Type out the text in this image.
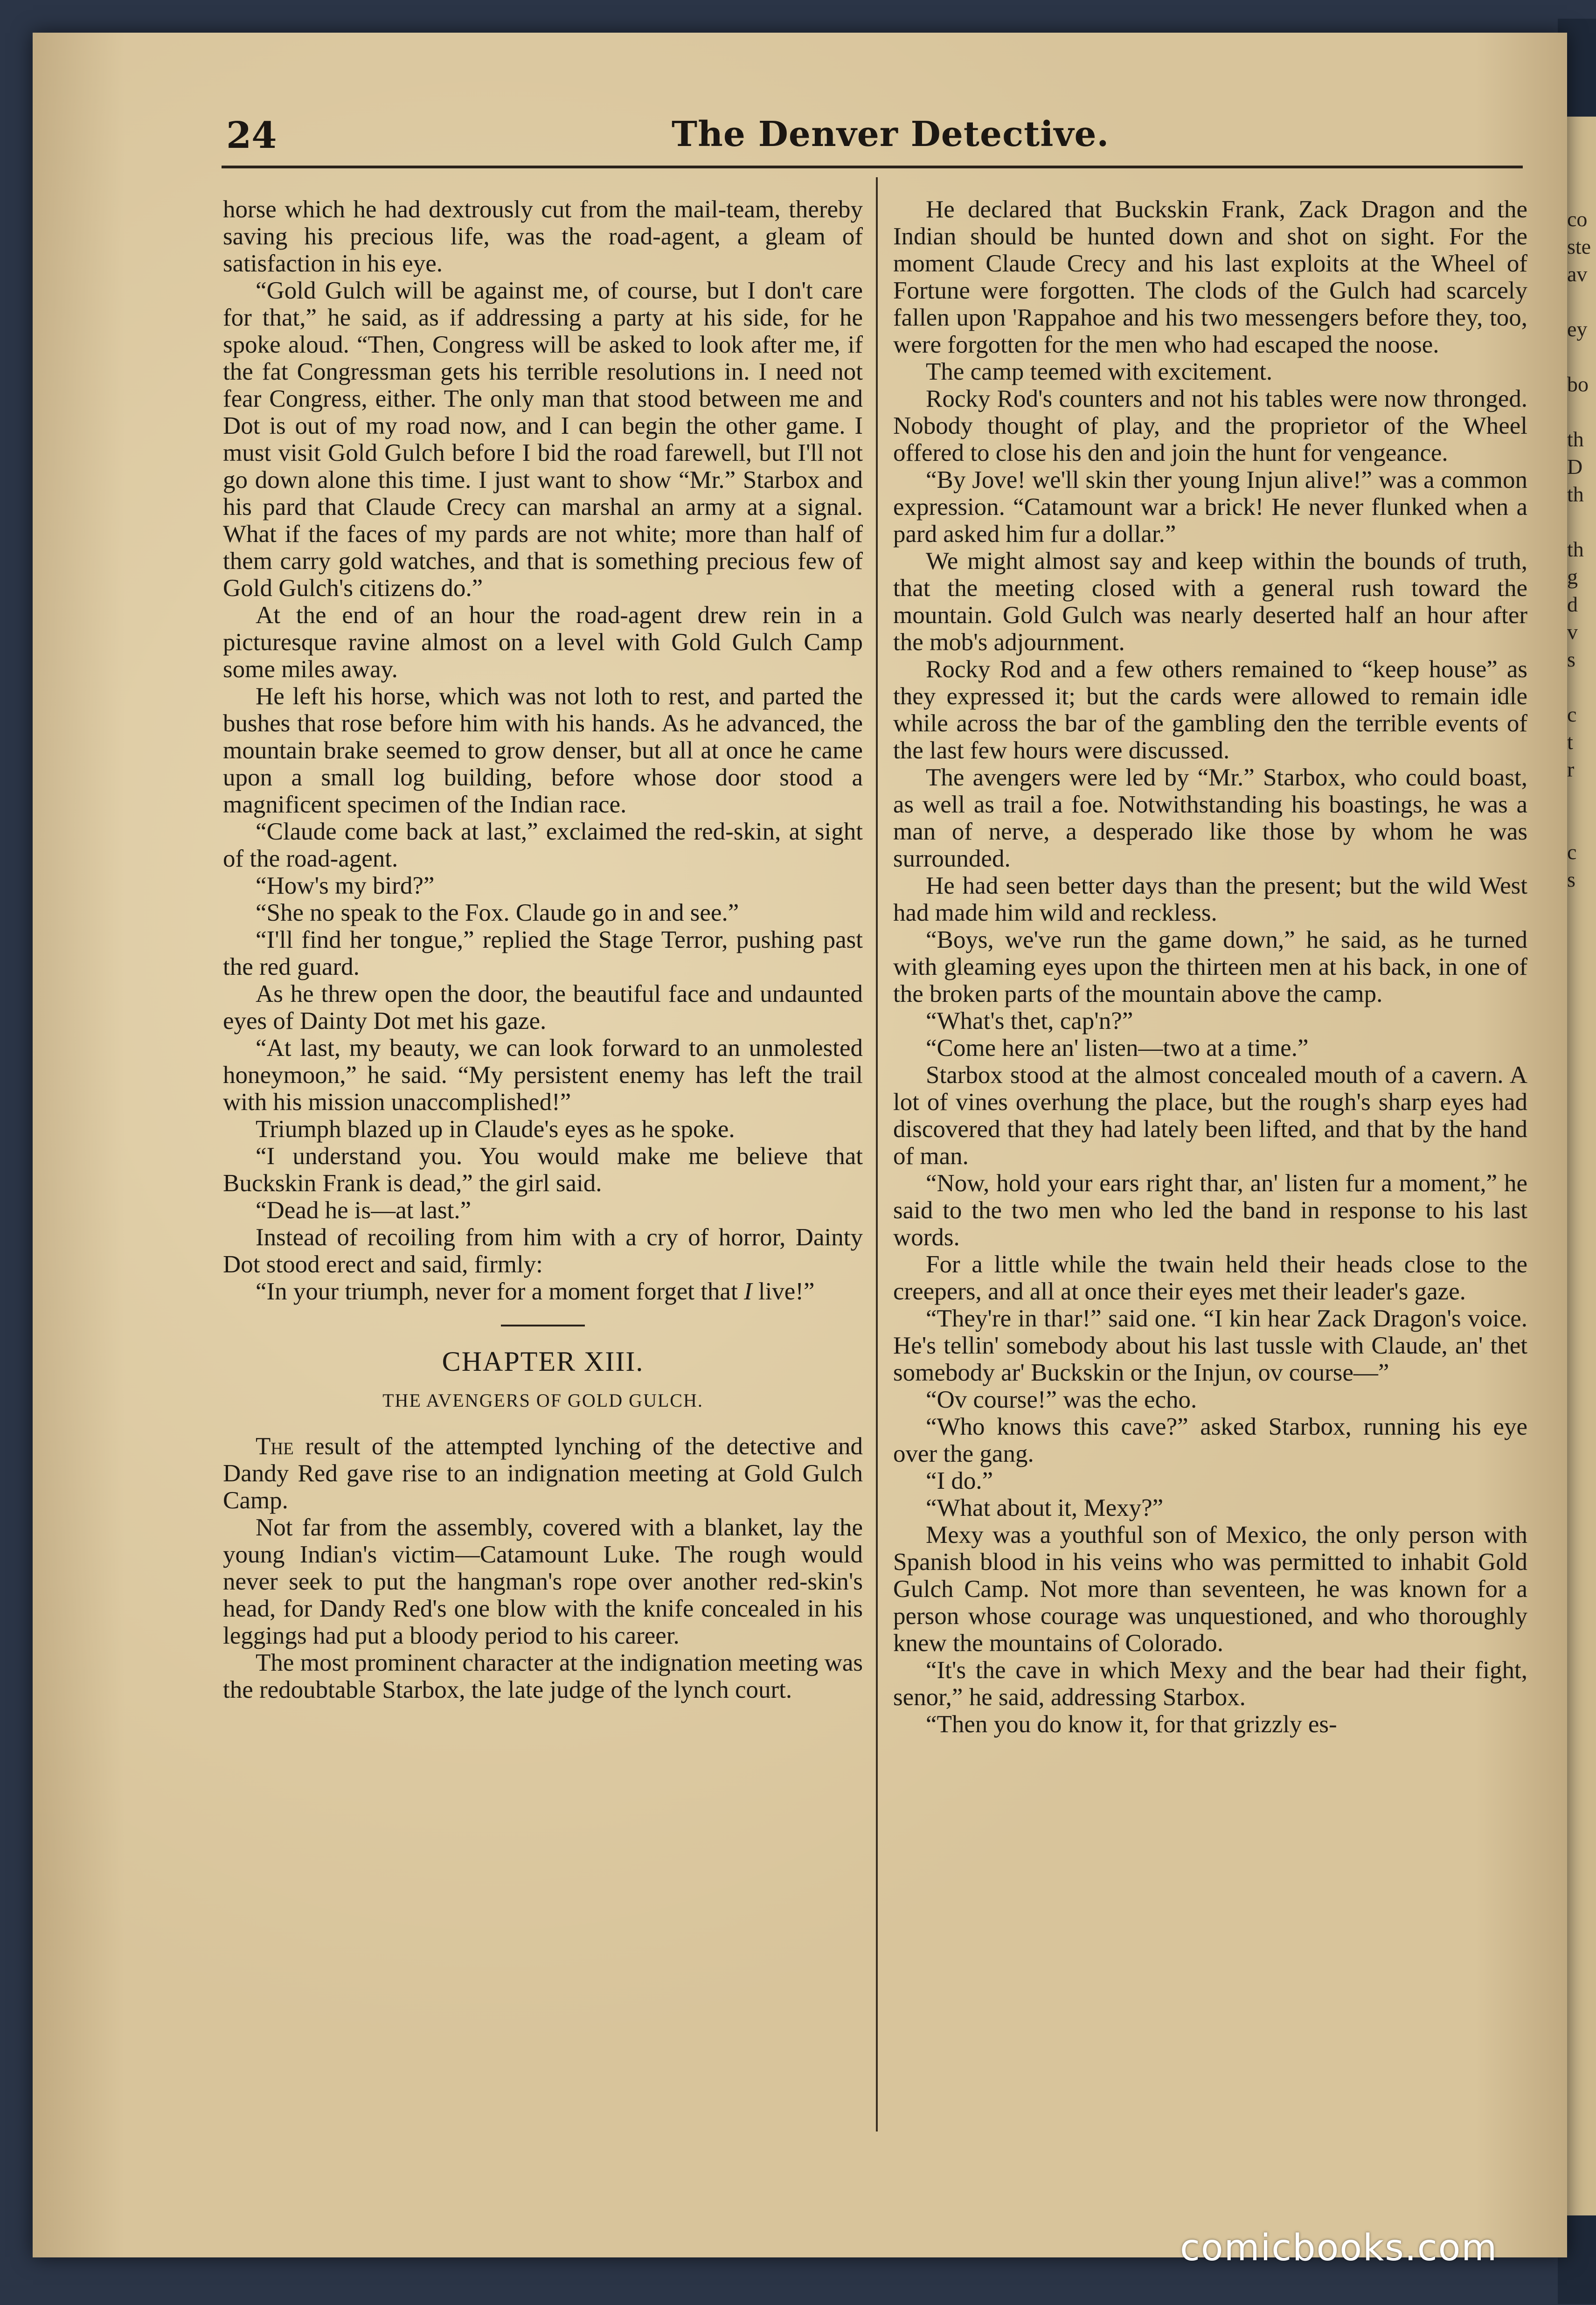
co
ste
av
ey
bo
th
D
th
th
g
d
v
s
c
t
r
c
s
24	The Denver Detective.

horse which he had dextrously cut from the mail-team, thereby saving his precious life, was the road-agent, a gleam of satisfaction in his eye.

“Gold Gulch will be against me, of course, but I don't care for that,” he said, as if addressing a party at his side, for he spoke aloud. “Then, Congress will be asked to look after me, if the fat Congressman gets his terrible resolutions in. I need not fear Congress, either. The only man that stood between me and Dot is out of my road now, and I can begin the other game. I must visit Gold Gulch before I bid the road farewell, but I'll not go down alone this time. I just want to show “Mr.” Starbox and his pard that Claude Crecy can marshal an army at a signal. What if the faces of my pards are not white; more than half of them carry gold watches, and that is something precious few of Gold Gulch's citizens do.”

At the end of an hour the road-agent drew rein in a picturesque ravine almost on a level with Gold Gulch Camp some miles away.

He left his horse, which was not loth to rest, and parted the bushes that rose before him with his hands. As he advanced, the mountain brake seemed to grow denser, but all at once he came upon a small log building, before whose door stood a magnificent specimen of the Indian race.

“Claude come back at last,” exclaimed the red-skin, at sight of the road-agent.

“How's my bird?”

“She no speak to the Fox. Claude go in and see.”

“I'll find her tongue,” replied the Stage Terror, pushing past the red guard.

As he threw open the door, the beautiful face and undaunted eyes of Dainty Dot met his gaze.

“At last, my beauty, we can look forward to an unmolested honeymoon,” he said. “My persistent enemy has left the trail with his mission unaccomplished!”

Triumph blazed up in Claude's eyes as he spoke.

“I understand you. You would make me believe that Buckskin Frank is dead,” the girl said.

“Dead he is—at last.”

Instead of recoiling from him with a cry of horror, Dainty Dot stood erect and said, firmly:

“In your triumph, never for a moment forget that I live!”

CHAPTER XIII.
THE AVENGERS OF GOLD GULCH.

The result of the attempted lynching of the detective and Dandy Red gave rise to an indignation meeting at Gold Gulch Camp.

Not far from the assembly, covered with a blanket, lay the young Indian's victim—Catamount Luke. The rough would never seek to put the hangman's rope over another red-skin's head, for Dandy Red's one blow with the knife concealed in his leggings had put a bloody period to his career.

The most prominent character at the indignation meeting was the redoubtable Starbox, the late judge of the lynch court.

He declared that Buckskin Frank, Zack Dragon and the Indian should be hunted down and shot on sight. For the moment Claude Crecy and his last exploits at the Wheel of Fortune were forgotten. The clods of the Gulch had scarcely fallen upon 'Rappahoe and his two messengers before they, too, were forgotten for the men who had escaped the noose.

The camp teemed with excitement.

Rocky Rod's counters and not his tables were now thronged. Nobody thought of play, and the proprietor of the Wheel offered to close his den and join the hunt for vengeance.

“By Jove! we'll skin ther young Injun alive!” was a common expression. “Catamount war a brick! He never flunked when a pard asked him fur a dollar.”

We might almost say and keep within the bounds of truth, that the meeting closed with a general rush toward the mountain. Gold Gulch was nearly deserted half an hour after the mob's adjournment.

Rocky Rod and a few others remained to “keep house” as they expressed it; but the cards were allowed to remain idle while across the bar of the gambling den the terrible events of the last few hours were discussed.

The avengers were led by “Mr.” Starbox, who could boast, as well as trail a foe. Notwithstanding his boastings, he was a man of nerve, a desperado like those by whom he was surrounded.

He had seen better days than the present; but the wild West had made him wild and reckless.

“Boys, we've run the game down,” he said, as he turned with gleaming eyes upon the thirteen men at his back, in one of the broken parts of the mountain above the camp.

“What's thet, cap'n?”

“Come here an' listen—two at a time.”

Starbox stood at the almost concealed mouth of a cavern. A lot of vines overhung the place, but the rough's sharp eyes had discovered that they had lately been lifted, and that by the hand of man.

“Now, hold your ears right thar, an' listen fur a moment,” he said to the two men who led the band in response to his last words.

For a little while the twain held their heads close to the creepers, and all at once their eyes met their leader's gaze.

“They're in thar!” said one. “I kin hear Zack Dragon's voice. He's tellin' somebody about his last tussle with Claude, an' thet somebody ar' Buckskin or the Injun, ov course—”

“Ov course!” was the echo.

“Who knows this cave?” asked Starbox, running his eye over the gang.

“I do.”

“What about it, Mexy?”

Mexy was a youthful son of Mexico, the only person with Spanish blood in his veins who was permitted to inhabit Gold Gulch Camp. Not more than seventeen, he was known for a person whose courage was unquestioned, and who thoroughly knew the mountains of Colorado.

“It's the cave in which Mexy and the bear had their fight, senor,” he said, addressing Starbox.

“Then you do know it, for that grizzly es-

comicbooks.com
